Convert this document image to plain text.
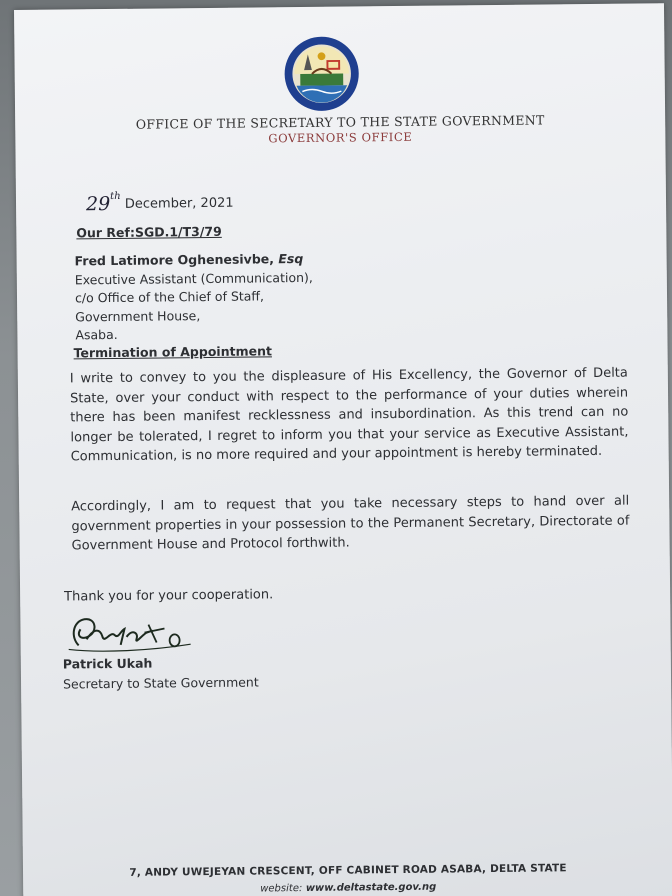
OFFICE OF THE SECRETARY TO THE STATE GOVERNMENT
GOVERNOR'S OFFICE
29th December, 2021
Our Ref:SGD.1/T3/79
Fred Latimore Oghenesivbe, Esq
Executive Assistant (Communication),
c/o Office of the Chief of Staff,
Government House,
Asaba.
Termination of Appointment
I write to convey to you the displeasure of His Excellency, the Governor of Delta State, over your conduct with respect to the performance of your duties wherein there has been manifest recklessness and insubordination. As this trend can no longer be tolerated, I regret to inform you that your service as Executive Assistant, Communication, is no more required and your appointment is hereby terminated.
Accordingly, I am to request that you take necessary steps to hand over all government properties in your possession to the Permanent Secretary, Directorate of Government House and Protocol forthwith.
Thank you for your cooperation.
Patrick Ukah
Secretary to State Government
7, ANDY UWEJEYAN CRESCENT, OFF CABINET ROAD ASABA, DELTA STATE
website: www.deltastate.gov.ng
